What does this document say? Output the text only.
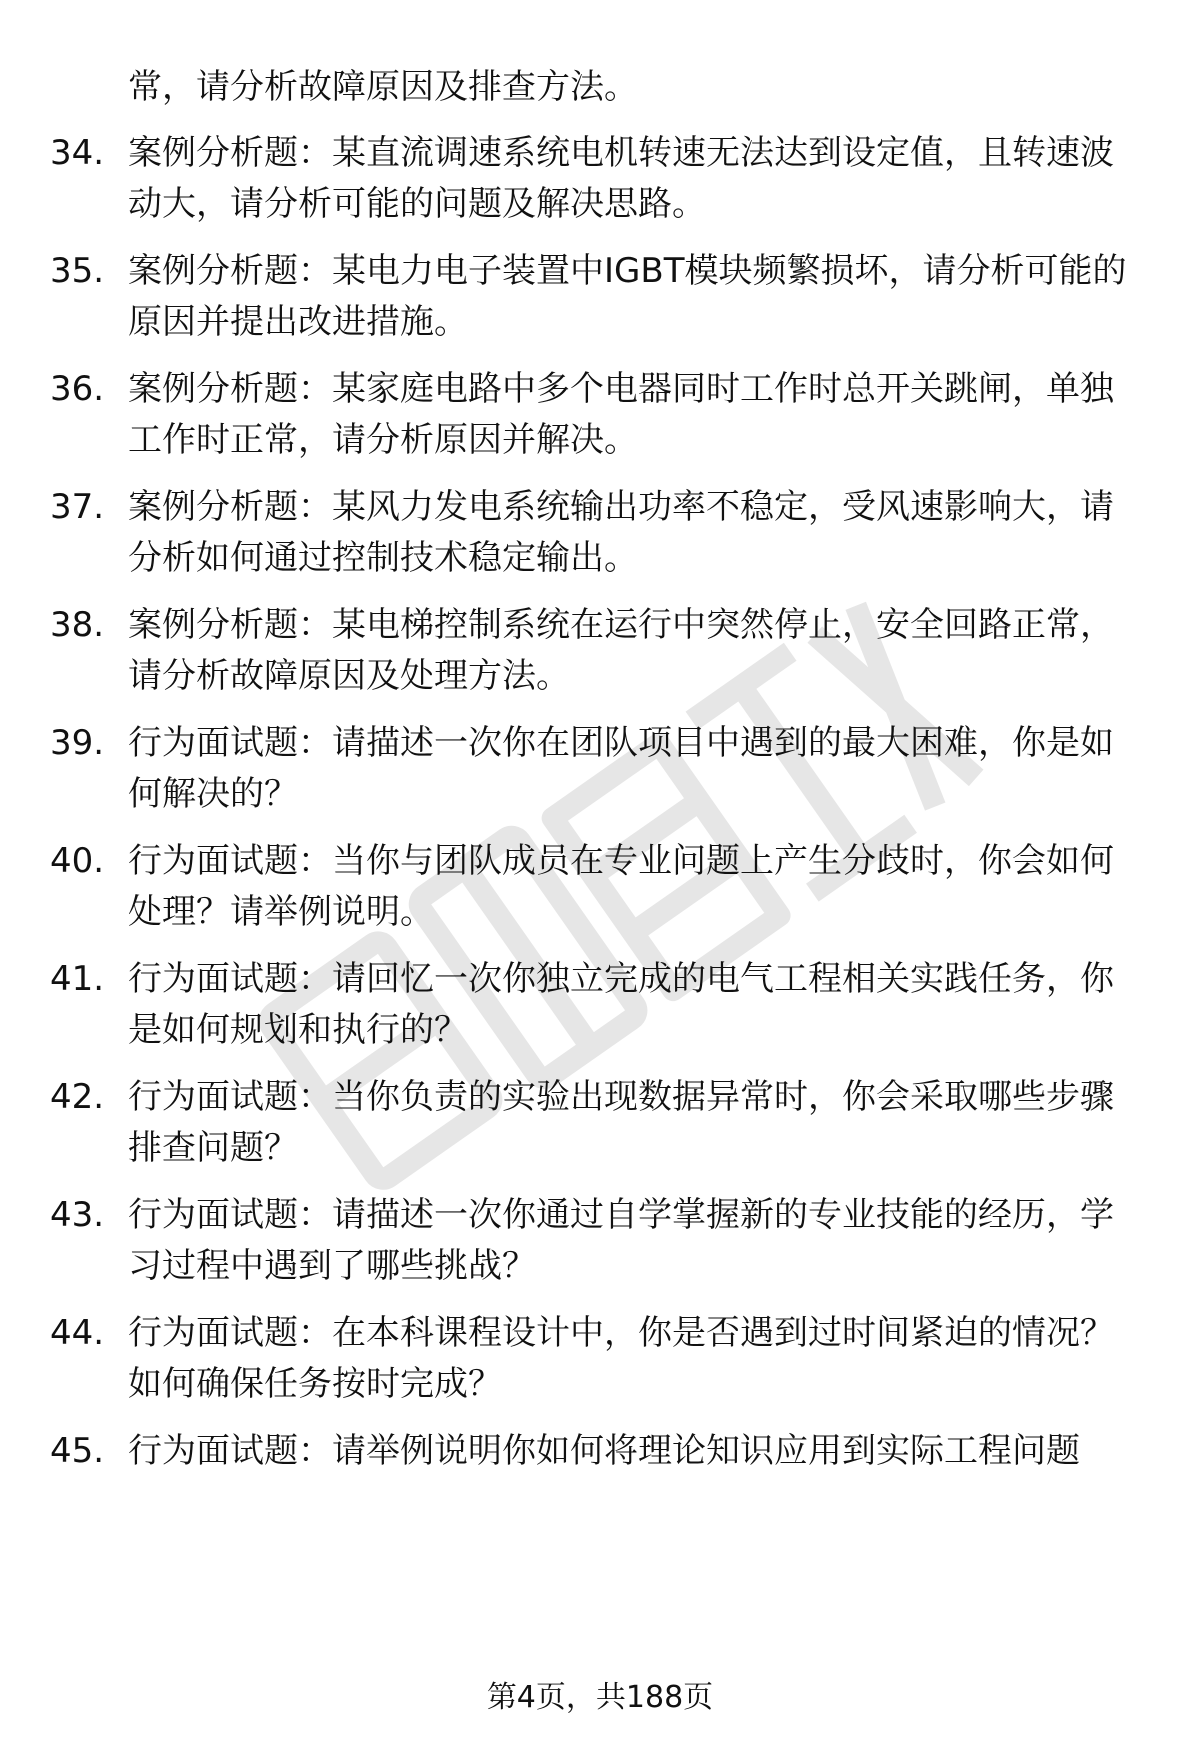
常，请分析故障原因及排查方法。
34. 案例分析题：某直流调速系统电机转速无法达到设定值，且转速波动大，请分析可能的问题及解决思路。
35. 案例分析题：某电力电子装置中IGBT模块频繁损坏，请分析可能的原因并提出改进措施。
36. 案例分析题：某家庭电路中多个电器同时工作时总开关跳闸，单独工作时正常，请分析原因并解决。
37. 案例分析题：某风力发电系统输出功率不稳定，受风速影响大，请分析如何通过控制技术稳定输出。
38. 案例分析题：某电梯控制系统在运行中突然停止，安全回路正常，请分析故障原因及处理方法。
39. 行为面试题：请描述一次你在团队项目中遇到的最大困难，你是如何解决的？
40. 行为面试题：当你与团队成员在专业问题上产生分歧时，你会如何处理？请举例说明。
41. 行为面试题：请回忆一次你独立完成的电气工程相关实践任务，你是如何规划和执行的？
42. 行为面试题：当你负责的实验出现数据异常时，你会采取哪些步骤排查问题？
43. 行为面试题：请描述一次你通过自学掌握新的专业技能的经历，学习过程中遇到了哪些挑战？
44. 行为面试题：在本科课程设计中，你是否遇到过时间紧迫的情况？如何确保任务按时完成？
45. 行为面试题：请举例说明你如何将理论知识应用到实际工程问题
第4页，共188页
